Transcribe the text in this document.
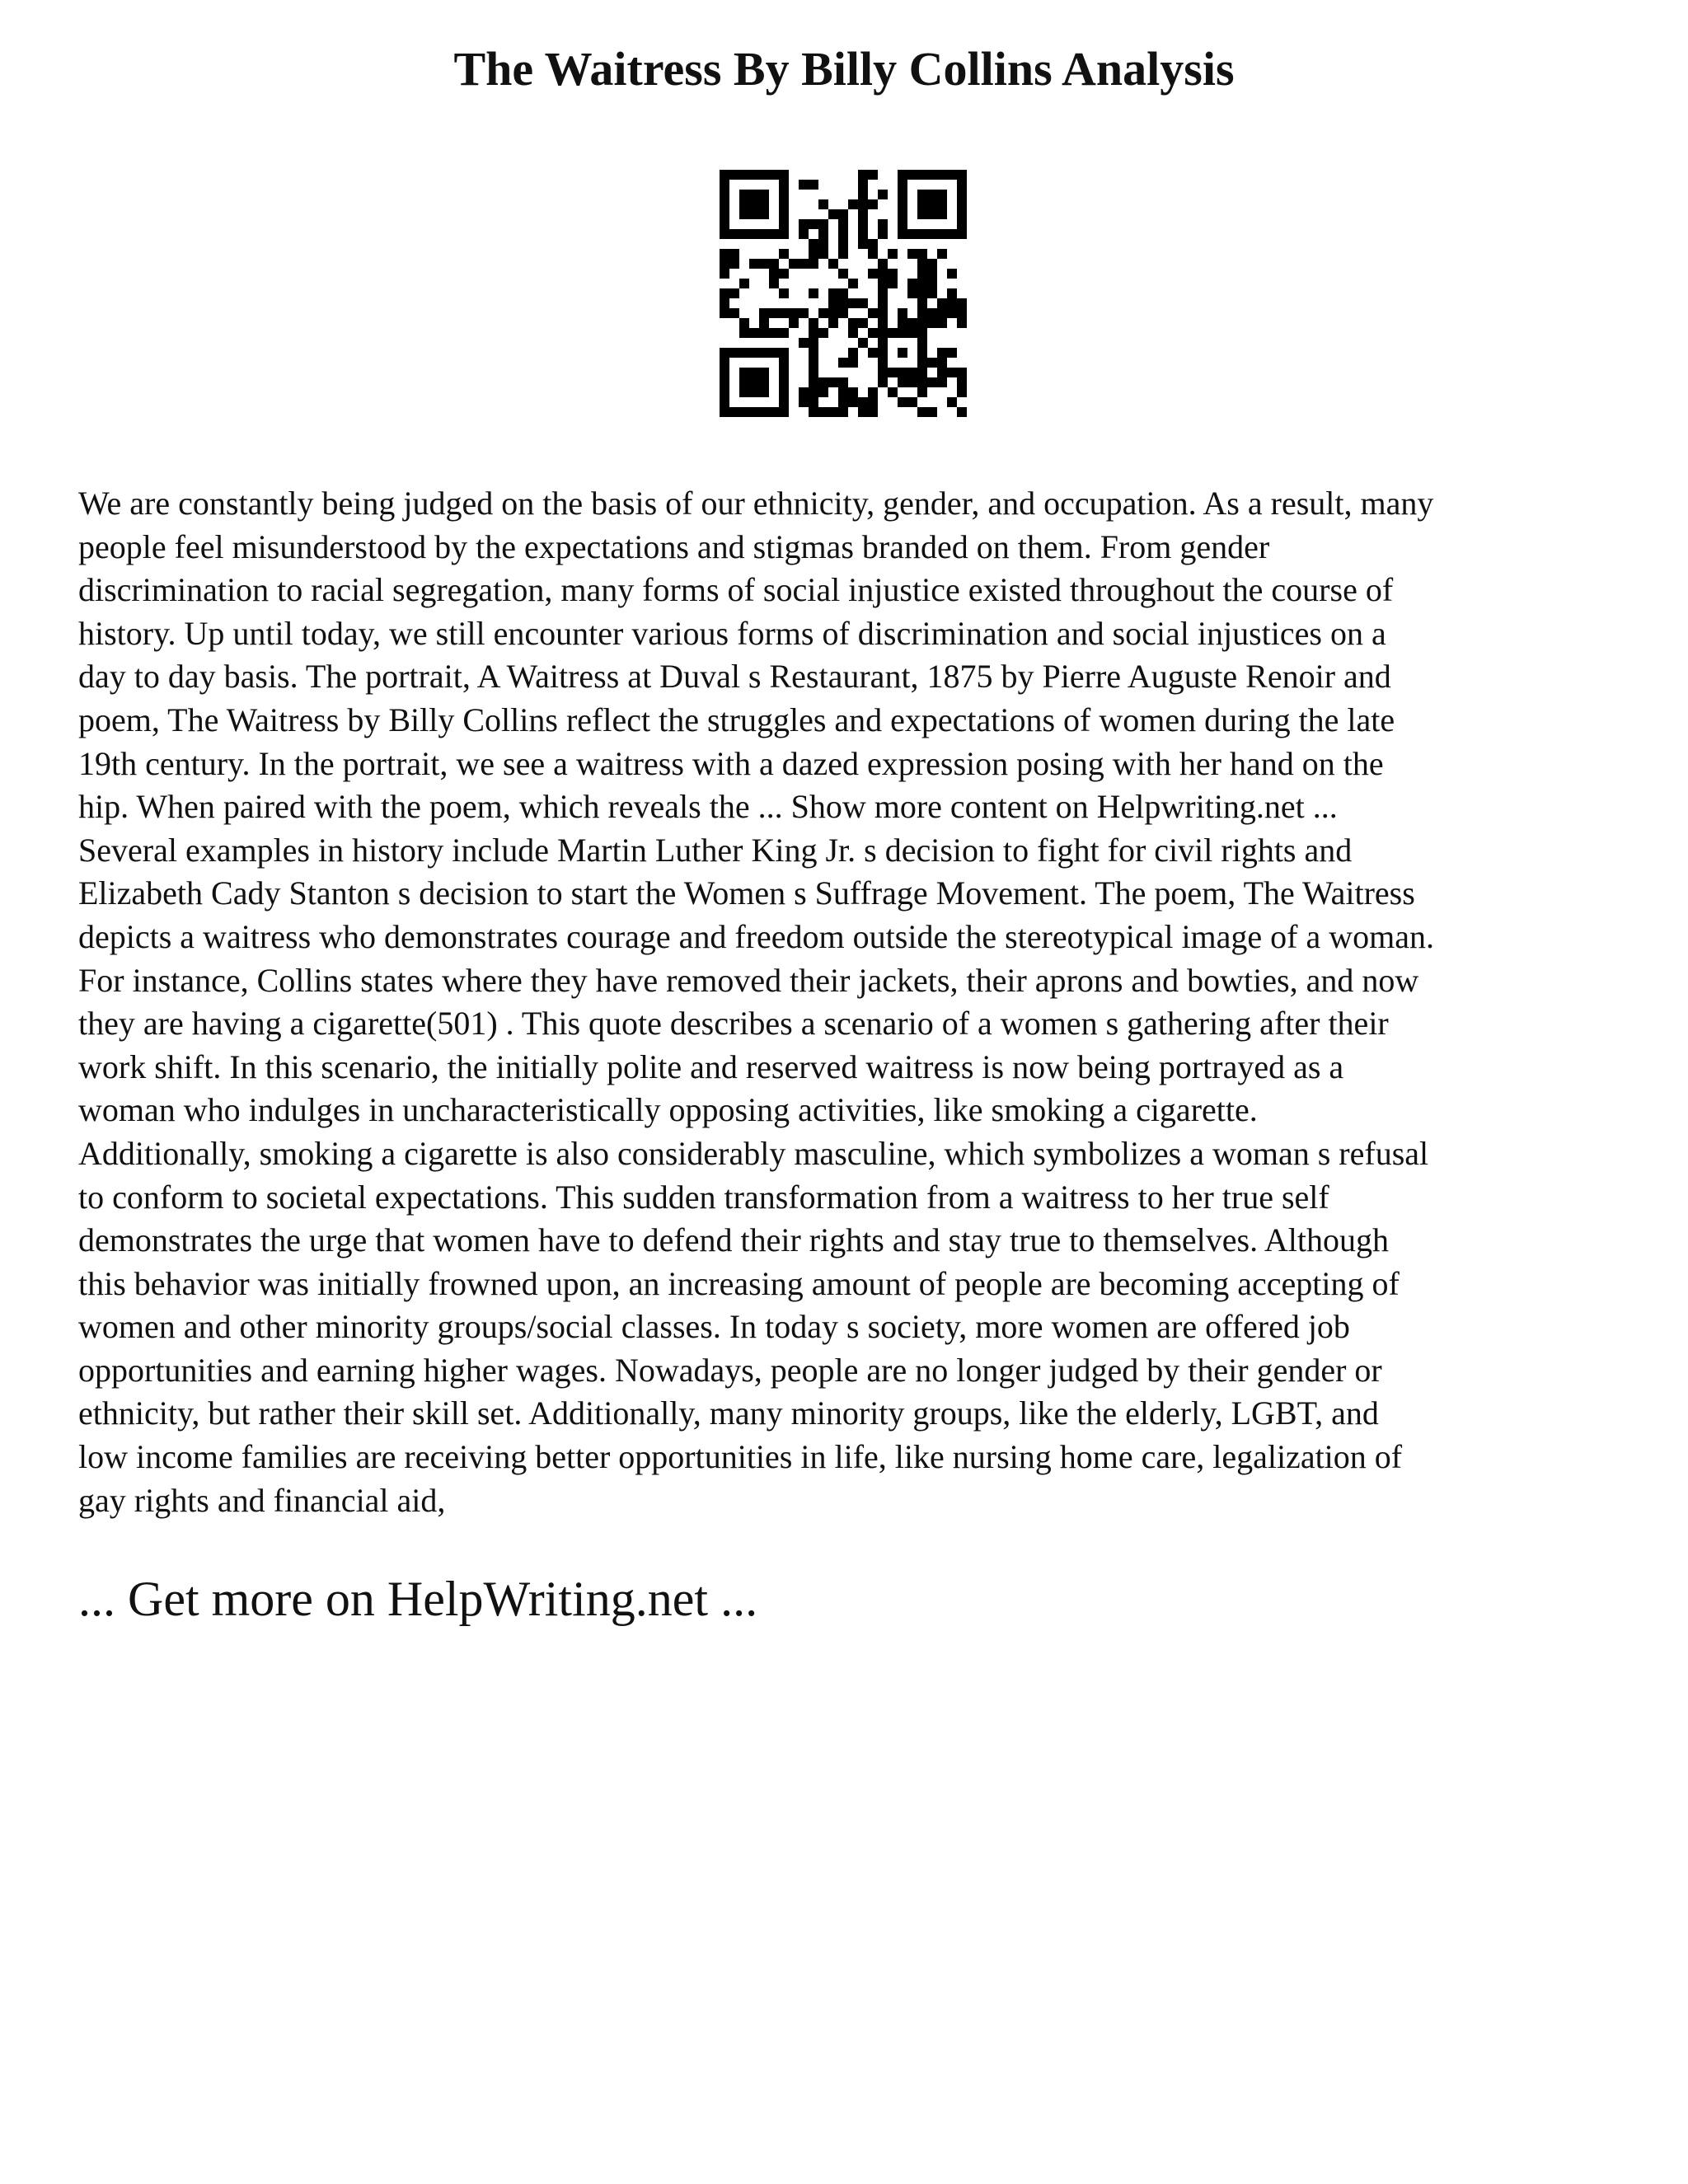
The Waitress By Billy Collins Analysis

We are constantly being judged on the basis of our ethnicity, gender, and occupation. As a result, many
people feel misunderstood by the expectations and stigmas branded on them. From gender
discrimination to racial segregation, many forms of social injustice existed throughout the course of
history. Up until today, we still encounter various forms of discrimination and social injustices on a
day to day basis. The portrait, A Waitress at Duval s Restaurant, 1875 by Pierre Auguste Renoir and
poem, The Waitress by Billy Collins reflect the struggles and expectations of women during the late
19th century. In the portrait, we see a waitress with a dazed expression posing with her hand on the
hip. When paired with the poem, which reveals the ... Show more content on Helpwriting.net ...
Several examples in history include Martin Luther King Jr. s decision to fight for civil rights and
Elizabeth Cady Stanton s decision to start the Women s Suffrage Movement. The poem, The Waitress
depicts a waitress who demonstrates courage and freedom outside the stereotypical image of a woman.
For instance, Collins states where they have removed their jackets, their aprons and bowties, and now
they are having a cigarette(501) . This quote describes a scenario of a women s gathering after their
work shift. In this scenario, the initially polite and reserved waitress is now being portrayed as a
woman who indulges in uncharacteristically opposing activities, like smoking a cigarette.
Additionally, smoking a cigarette is also considerably masculine, which symbolizes a woman s refusal
to conform to societal expectations. This sudden transformation from a waitress to her true self
demonstrates the urge that women have to defend their rights and stay true to themselves. Although
this behavior was initially frowned upon, an increasing amount of people are becoming accepting of
women and other minority groups/social classes. In today s society, more women are offered job
opportunities and earning higher wages. Nowadays, people are no longer judged by their gender or
ethnicity, but rather their skill set. Additionally, many minority groups, like the elderly, LGBT, and
low income families are receiving better opportunities in life, like nursing home care, legalization of
gay rights and financial aid,

... Get more on HelpWriting.net ...
